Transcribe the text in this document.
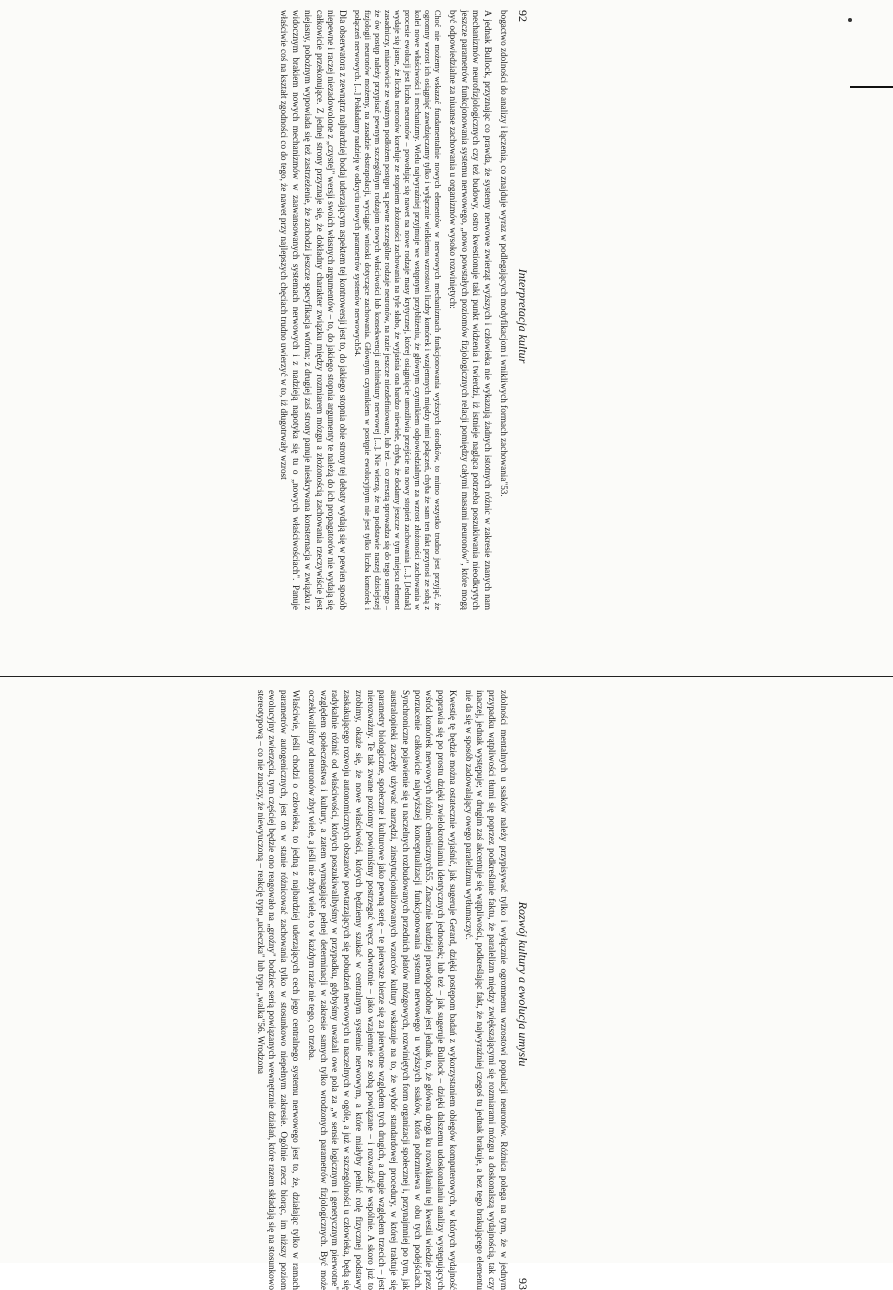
92
Interpretacja kultur

bogactwo zdolności do analizy i łączenia, co znajduje wyraz w podlegających modyfikacjom i wnikliwych formach zachowania"53.

A jednak Bullock, przyznając co prawda, że systemy nerwowe zwierząt wyższych i człowieka nie wykazują żadnych istotnych różnic w zakresie znanych nam mechanizmów neurofizjologicznych czy też budowy, ostro kwestionuje taki punkt widzenia i twierdzi, iż istnieje nagląca potrzeba poszukiwania nieodkrytych jeszcze parametrów funkcjonowania systemu nerwowego, „nowo powstałych poziomów fizjologicznych relacji pomiędzy całymi masami neuronów", które mogą być odpowiedzialne za niuanse zachowania u organizmów wysoko rozwiniętych:

Choć nie możemy wskazać fundamentalnie nowych elementów w nerwowych mechanizmach funkcjonowania wyższych ośrodków, to mimo wszystko trudno jest przyjąć, że ogromny wzrost ich osiągnięć zawdzięczamy tylko i wyłącznie wielkiemu wzrostowi liczby komórek i wzajemnych między nimi połączeń, chyba że sam ten fakt przynosi ze sobą z kolei nowe właściwości i mechanizmy. Wielu najwyraźniej przyjmuje we wstępnym przybliżeniu, że głównym czynnikiem odpowiedzialnym za wzrost złożoności zachowania w procesie ewolucji jest liczba neuronów – powołując się nawet na nowe rodzaje masy krytycznej, której osiągnięcie umożliwia przejście na nowy stopień zachowania [...]. [Jednak] wydaje się jasne, że liczba neuronów koreluje ze stopniem złożoności zachowania na tyle słabo, że wyjaśnia ona bardzo niewiele, chyba, że dodamy jeszcze w tym miejscu element zasadniczy, mianowicie ze ważnym podłożem postępu są pewne szczególne rodzaje neuronów, na razie jeszcze niezdefiniowane, lub też – co zresztą sprowadza się do tego samego – że ów postęp należy przypisać pewnym szczególnym rodzajom nowych właściwości lub konsekwencji architektury nerwowej [...]. Nie wierzę, że na podstawie naszej dzisiejszej fizjologii neuronów możemy, na zasadzie ekstrapolacji, wyciągać wnioski dotyczące zachowania. Głównym czynnikiem w postępie ewolucyjnym nie jest tylko liczba komórek i połączeń nerwowych. [...] Pokładamy nadzieję w odkryciu nowych parametrów systemów nerwowych54.

Dla obserwatora z zewnątrz najbardziej bodaj uderzającym aspektem tej kontrowersji jest to, do jakiego stopnia obie strony tej debaty wydają się w pewien sposób niepewne i raczej niezadowolone z „czystej" wersji swoich własnych argumentów – to, do jakiego stopnia argumenty te należą do ich propagatorów nie wydają się całkowicie przekonujące. Z jednej strony przyznaje się, że dokładny charakter związku między rozmiarem mózgu a złożonością zachowania rzeczywiście jest niejasny, pobożnym wypowiada się też zastrzeżenie, że zachodzi jeszcze specyfikacja wtórna; z drugiej zaś strony panuje nieskrywana konsternacja w związku z widocznym brakiem nowych mechanizmów w zaawansowanych systemach nerwowych i z nadzieją napotyka się tu o „nowych właściwościach". Panuje właściwie coś na kształt zgodności co do tego, że nawet przy najlepszych chęciach trudno uwierzyć w to, iż długotrwały wzrost

Rozwój kultury a ewolucja umysłu
93

zdolności mentalnych u ssaków należy przypisywać tylko i wyłącznie ogromnemu wzrostowi populacji neuronów. Różnica polega na tym, że w jednym przypadku wątpliwości tłumi się poprzez podkreślanie faktu, że paralelizm między zwiększającymi się rozmiarami mózgu a doskonalszą wydajnością, tak czy inaczej, jednak występuje; w drugim zaś akcentuje się wątpliwości, podkreślając fakt, że najwyraźniej czegoś tu jednak brakuje, a bez tego brakującego elementu nie da się w sposób zadowalający owego paralelizmu wytłumaczyć.

Kwestię tę będzie można ostatecznie wyjaśnić, jak sugeruje Gerard, dzięki postępom badań z wykorzystaniem obiegów komputerowych, w których wydajność poprawia się po prostu dzięki zwielokrotnianiu identycznych jednostek; lub też – jak sugeruje Bullock – dzięki dalszemu udoskonalaniu analizy występujących wśród komórek nerwowych różnic chemicznych55. Znacznie bardziej prawdopodobne jest jednak to, że główna droga ku rozwikłaniu tej kwestii wiedzie przez porzucenie całkowicie najwyższej konceptualizacji funkcjonowania systemu nerwowego u wyższych ssaków, która pobrzmiewa w obu tych podejściach. Synchroniczne pojawienie się u naczelnych rozbudowanych przednich płatów mózgowych, rozwiniętych form organizacji społecznej i, przynajmniej po tym, jak australopiteki zaczęły używać narzędzi, zinstytucjonalizowanych wzorców kultury wskazuje na to, że wybór standardowej procedury, w której traktuje się parametry biologiczne, społeczne i kulturowe jako pewną serię – te pierwsze bierze się za pierwotne względem tych drugich, a drugie względem trzecich – jest nierozważny. Te tak zwane poziomy powinniśmy postrzegać wręcz odwrotnie – jako wzajemnie ze sobą powiązane – i rozważać je wspólnie. A skoro już to zrobimy, okaże się, że nowe właściwości, których będziemy szukać w centralnym systemie nerwowym, a które miałyby pełnić rolę fizycznej podstawy zaskakującego rozwoju autonomicznych obszarów powtarzających się pobudzeń nerwowych u naczelnych w ogóle, a już w szczególności u człowieka, będą się radykalnie różnić od właściwości, których poszukiwalibyśmy w przypadku, gdybyśmy uważali owe pola za „w sensie logicznym i genetycznym pierwotne" względem społeczeństwa i kultury, a zatem wymagające pełnej determinacji w zakresie samych tylko wrodzonych parametrów fizjologicznych. Być może oczekiwaliśmy od neuronów zbyt wiele, a jeśli nie zbyt wiele, to w każdym razie nie tego, co trzeba.

Właściwie, jeśli chodzi o człowieka, to jedną z najbardziej uderzających cech jego centralnego systemu nerwowego jest to, że, działając tylko w ramach parametrów autogenicznych, jest on w stanie różnicować zachowania tylko w stosunkowo niepełnym zakresie. Ogólnie rzecz biorąc, im niższy poziom ewolucyjny zwierzęcia, tym częściej będzie ono reagowało na „groźny" bodziec serią powiązanych wewnętrznie działań, które razem składają się na stosunkowo stereotypową – co nie znaczy, że niewyuczoną – reakcję typu „ucieczka" lub typu „walka"56. Wrodzona
